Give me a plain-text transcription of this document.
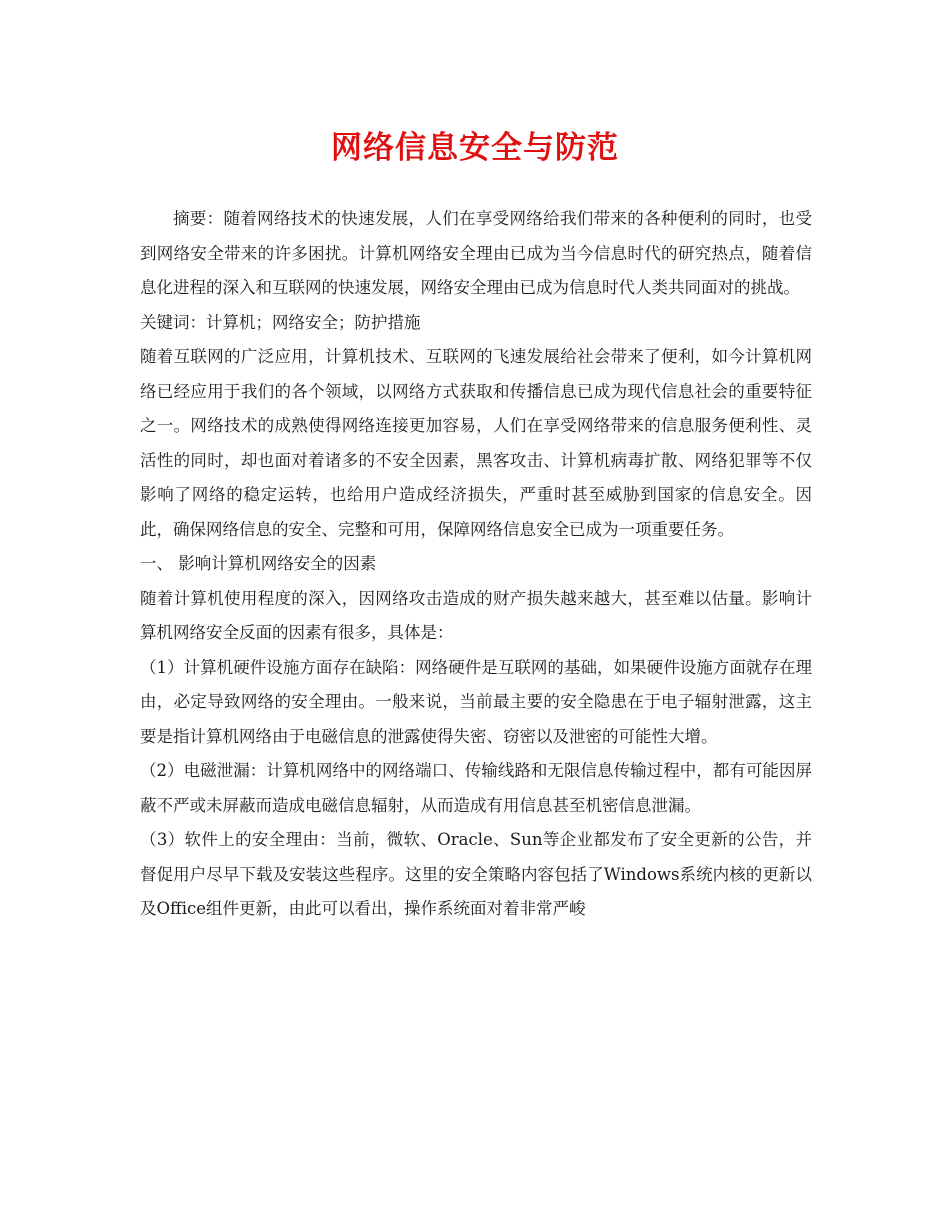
网络信息安全与防范

摘要：随着网络技术的快速发展，人们在享受网络给我们带来的各种便利的同时，也受到网络安全带来的许多困扰。计算机网络安全理由已成为当今信息时代的研究热点，随着信息化进程的深入和互联网的快速发展，网络安全理由已成为信息时代人类共同面对的挑战。

关键词：计算机；网络安全；防护措施

随着互联网的广泛应用，计算机技术、互联网的飞速发展给社会带来了便利，如今计算机网络已经应用于我们的各个领域，以网络方式获取和传播信息已成为现代信息社会的重要特征之一。网络技术的成熟使得网络连接更加容易，人们在享受网络带来的信息服务便利性、灵活性的同时，却也面对着诸多的不安全因素，黑客攻击、计算机病毒扩散、网络犯罪等不仅影响了网络的稳定运转，也给用户造成经济损失，严重时甚至威胁到国家的信息安全。因此，确保网络信息的安全、完整和可用，保障网络信息安全已成为一项重要任务。

一、 影响计算机网络安全的因素

随着计算机使用程度的深入，因网络攻击造成的财产损失越来越大，甚至难以估量。影响计算机网络安全反面的因素有很多，具体是：

（1）计算机硬件设施方面存在缺陷：网络硬件是互联网的基础，如果硬件设施方面就存在理由，必定导致网络的安全理由。一般来说，当前最主要的安全隐患在于电子辐射泄露，这主要是指计算机网络由于电磁信息的泄露使得失密、窃密以及泄密的可能性大增。

（2）电磁泄漏：计算机网络中的网络端口、传输线路和无限信息传输过程中，都有可能因屏蔽不严或未屏蔽而造成电磁信息辐射，从而造成有用信息甚至机密信息泄漏。

（3）软件上的安全理由：当前，微软、Oracle、Sun等企业都发布了安全更新的公告，并督促用户尽早下载及安装这些程序。这里的安全策略内容包括了Windows系统内核的更新以及Office组件更新，由此可以看出，操作系统面对着非常严峻
